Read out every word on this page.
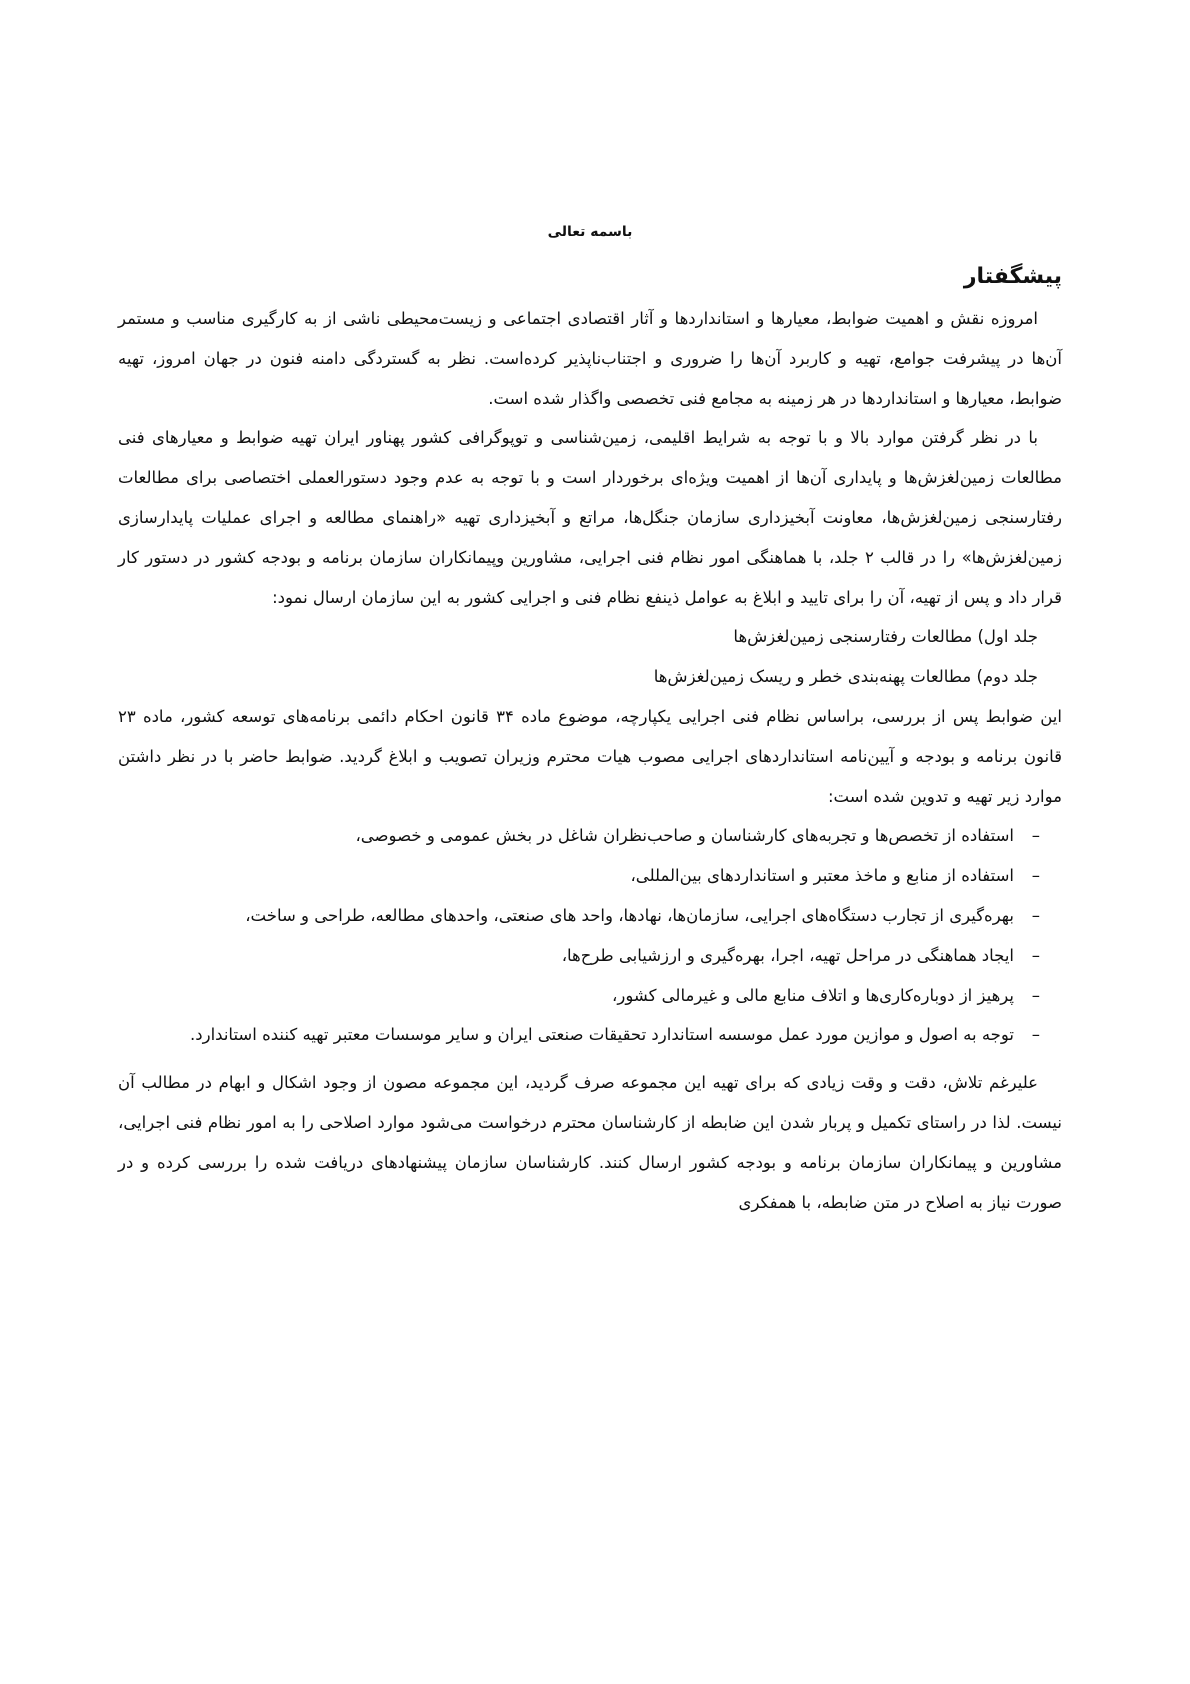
باسمه تعالی
پیشگفتار

امروزه نقش و اهمیت ضوابط، معیارها و استانداردها و آثار اقتصادی اجتماعی و زیست‌محیطی ناشی از به کارگیری مناسب و مستمر آن‌ها در پیشرفت جوامع، تهیه و کاربرد آن‌ها را ضروری و اجتناب‌ناپذیر کرده‌است. نظر به گستردگی دامنه فنون در جهان امروز، تهیه ضوابط، معیارها و استانداردها در هر زمینه به مجامع فنی تخصصی واگذار شده است.

با در نظر گرفتن موارد بالا و با توجه به شرایط اقلیمی، زمین‌شناسی و توپوگرافی کشور پهناور ایران تهیه ضوابط و معیارهای فنی مطالعات زمین‌لغزش‌ها و پایداری آن‌ها از اهمیت ویژه‌ای برخوردار است و با توجه به عدم وجود دستورالعملی اختصاصی برای مطالعات رفتارسنجی زمین‌لغزش‌ها، معاونت آبخیزداری سازمان جنگل‌ها، مراتع و آبخیزداری تهیه «راهنمای مطالعه و اجرای عملیات پایدارسازی زمین‌لغزش‌ها» را در قالب ۲ جلد، با هماهنگی امور نظام فنی اجرایی، مشاورین وپیمانکاران سازمان برنامه و بودجه کشور در دستور کار قرار داد و پس از تهیه، آن را برای تایید و ابلاغ به عوامل ذینفع نظام فنی و اجرایی کشور به این سازمان ارسال نمود:

جلد اول) مطالعات رفتارسنجی زمین‌لغزش‌ها

جلد دوم) مطالعات پهنه‌بندی خطر و ریسک زمین‌لغزش‌ها

این ضوابط پس از بررسی، براساس نظام فنی اجرایی یکپارچه، موضوع ماده ۳۴ قانون احکام دائمی برنامه‌های توسعه کشور، ماده ۲۳ قانون برنامه و بودجه و آیین‌نامه استانداردهای اجرایی مصوب هیات محترم وزیران تصویب و ابلاغ گردید. ضوابط حاضر با در نظر داشتن موارد زیر تهیه و تدوین شده است:

–
استفاده از تخصص‌ها و تجربه‌های کارشناسان و صاحب‌نظران شاغل در بخش عمومی و خصوصی،
–
استفاده از منابع و ماخذ معتبر و استانداردهای بین‌المللی،
–
بهره‌گیری از تجارب دستگاه‌های اجرایی، سازمان‌ها، نهادها، واحد های صنعتی، واحدهای مطالعه، طراحی و ساخت،
–
ایجاد هماهنگی در مراحل تهیه، اجرا، بهره‌گیری و ارزشیابی طرح‌ها،
–
پرهیز از دوباره‌کاری‌ها و اتلاف منابع مالی و غیرمالی کشور،
–
توجه به اصول و موازین مورد عمل موسسه استاندارد تحقیقات صنعتی ایران و سایر موسسات معتبر تهیه کننده استاندارد.

علیرغم تلاش، دقت و وقت زیادی که برای تهیه این مجموعه صرف گردید، این مجموعه مصون از وجود اشکال و ابهام در مطالب آن نیست. لذا در راستای تکمیل و پربار شدن این ضابطه از کارشناسان محترم درخواست می‌شود موارد اصلاحی را به امور نظام فنی اجرایی، مشاورین و پیمانکاران سازمان برنامه و بودجه کشور ارسال کنند. کارشناسان سازمان پیشنهادهای دریافت شده را بررسی کرده و در صورت نیاز به اصلاح در متن ضابطه، با همفکری
